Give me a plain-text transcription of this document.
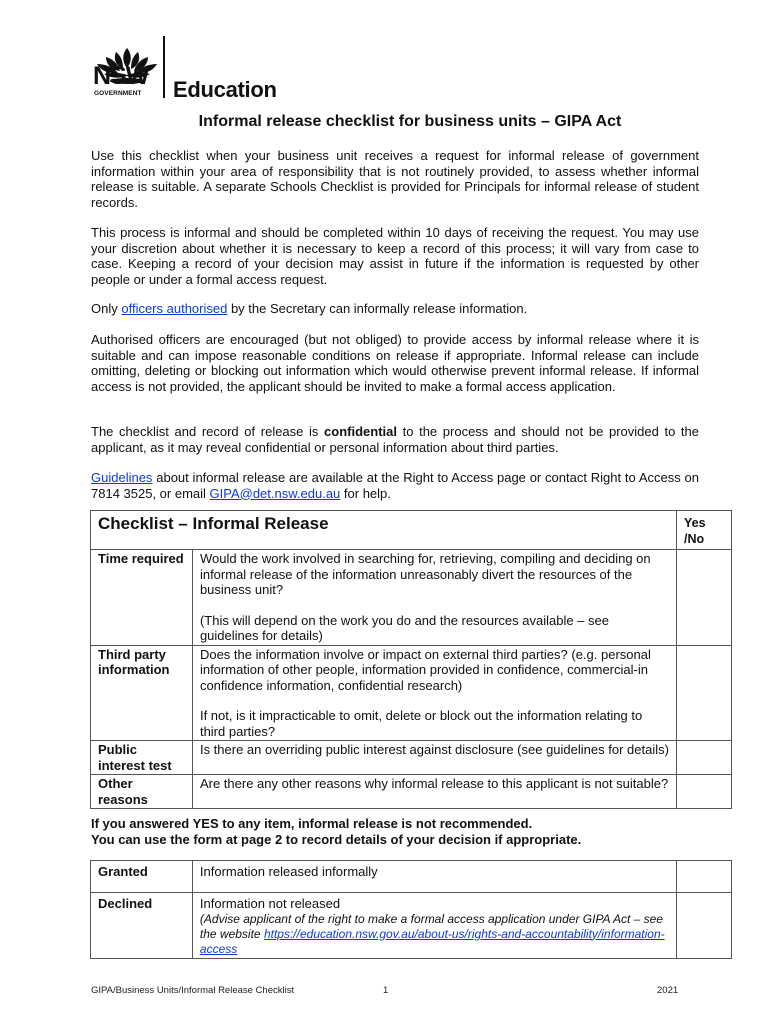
NSW
GOVERNMENT Education
Informal release checklist for business units – GIPA Act
Use this checklist when your business unit receives a request for informal release of government information within your area of responsibility that is not routinely provided, to assess whether informal release is suitable. A separate Schools Checklist is provided for Principals for informal release of student records.
This process is informal and should be completed within 10 days of receiving the request. You may use your discretion about whether it is necessary to keep a record of this process; it will vary from case to case. Keeping a record of your decision may assist in future if the information is requested by other people or under a formal access request.
Only officers authorised by the Secretary can informally release information.
Authorised officers are encouraged (but not obliged) to provide access by informal release where it is suitable and can impose reasonable conditions on release if appropriate. Informal release can include omitting, deleting or blocking out information which would otherwise prevent informal release. If informal access is not provided, the applicant should be invited to make a formal access application.
The checklist and record of release is confidential to the process and should not be provided to the applicant, as it may reveal confidential or personal information about third parties.
Guidelines about informal release are available at the Right to Access page or contact Right to Access on 7814 3525, or email GIPA@det.nsw.edu.au for help.
Checklist – Informal Release		Yes /No
Time required	Would the work involved in searching for, retrieving, compiling and deciding on informal release of the information unreasonably divert the resources of the business unit?
(This will depend on the work you do and the resources available – see guidelines for details)	

Third party information	Does the information involve or impact on external third parties? (e.g. personal information of other people, information provided in confidence, commercial-in confidence information, confidential research)
If not, is it impracticable to omit, delete or block out the information relating to third parties?	

Public interest test	Is there an overriding public interest against disclosure (see guidelines for details)	
Other reasons	Are there any other reasons why informal release to this applicant is not suitable?	
If you answered YES to any item, informal release is not recommended.
You can use the form at page 2 to record details of your decision if appropriate.
Granted	Information released informally	
Declined	Information not released
(Advise applicant of the right to make a formal access application under GIPA Act – see the website https://education.nsw.gov.au/about-us/rights-and-accountability/information-access	

GIPA/Business Units/Informal Release Checklist	1	2021
